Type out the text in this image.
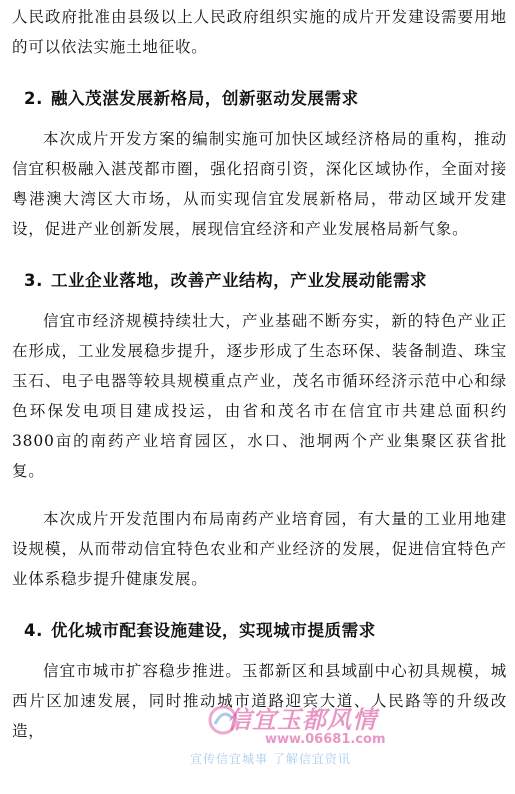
人民政府批准由县级以上人民政府组织实施的成片开发建设需要用地的可以依法实施土地征收。

2. 融入茂湛发展新格局，创新驱动发展需求

本次成片开发方案的编制实施可加快区域经济格局的重构，推动信宜积极融入湛茂都市圈，强化招商引资，深化区域协作，全面对接粤港澳大湾区大市场，从而实现信宜发展新格局，带动区域开发建设，促进产业创新发展，展现信宜经济和产业发展格局新气象。

3. 工业企业落地，改善产业结构，产业发展动能需求

信宜市经济规模持续壮大，产业基础不断夯实，新的特色产业正在形成，工业发展稳步提升，逐步形成了生态环保、装备制造、珠宝玉石、电子电器等较具规模重点产业，茂名市循环经济示范中心和绿色环保发电项目建成投运，由省和茂名市在信宜市共建总面积约3800亩的南药产业培育园区，水口、池垌两个产业集聚区获省批复。

本次成片开发范围内布局南药产业培育园，有大量的工业用地建设规模，从而带动信宜特色农业和产业经济的发展，促进信宜特色产业体系稳步提升健康发展。

4. 优化城市配套设施建设，实现城市提质需求

信宜市城市扩容稳步推进。玉都新区和县域副中心初具规模，城西片区加速发展，同时推动城市道路迎宾大道、人民路等的升级改造，	信宜玉都风情
www.06681.com
宣传信宜城事 了解信宜资讯
